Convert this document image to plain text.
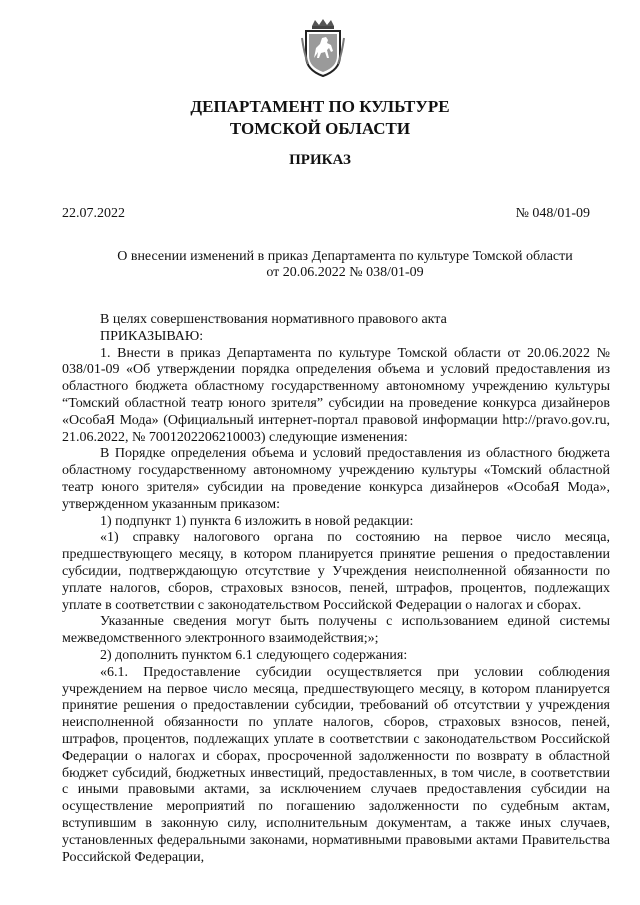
ДЕПАРТАМЕНТ ПО КУЛЬТУРЕ
ТОМСКОЙ ОБЛАСТИ
ПРИКАЗ
22.07.2022	№ 048/01-09
О внесении изменений в приказ Департамента по культуре Томской области
от 20.06.2022 № 038/01-09

В целях совершенствования нормативного правового акта

ПРИКАЗЫВАЮ:

1. Внести в приказ Департамента по культуре Томской области от 20.06.2022 № 038/01-09 «Об утверждении порядка определения объема и условий предоставления из областного бюджета областному государственному автономному учреждению культуры “Томский областной театр юного зрителя” субсидии на проведение конкурса дизайнеров «ОсобаЯ Мода» (Официальный интернет-портал правовой информации http://pravo.gov.ru, 21.06.2022, № 7001202206210003) следующие изменения:

В Порядке определения объема и условий предоставления из областного бюджета областному государственному автономному учреждению культуры «Томский областной театр юного зрителя» субсидии на проведение конкурса дизайнеров «ОсобаЯ Мода», утвержденном указанным приказом:

1) подпункт 1) пункта 6 изложить в новой редакции:

«1) справку налогового органа по состоянию на первое число месяца, предшествующего месяцу, в котором планируется принятие решения о предоставлении субсидии, подтверждающую отсутствие у Учреждения неисполненной обязанности по уплате налогов, сборов, страховых взносов, пеней, штрафов, процентов, подлежащих уплате в соответствии с законодательством Российской Федерации о налогах и сборах.

Указанные сведения могут быть получены с использованием единой системы межведомственного электронного взаимодействия;»;

2) дополнить пунктом 6.1 следующего содержания:

«6.1. Предоставление субсидии осуществляется при условии соблюдения учреждением на первое число месяца, предшествующего месяцу, в котором планируется принятие решения о предоставлении субсидии, требований об отсутствии у учреждения неисполненной обязанности по уплате налогов, сборов, страховых взносов, пеней, штрафов, процентов, подлежащих уплате в соответствии с законодательством Российской Федерации о налогах и сборах, просроченной задолженности по возврату в областной бюджет субсидий, бюджетных инвестиций, предоставленных, в том числе, в соответствии с иными правовыми актами, за исключением случаев предоставления субсидии на осуществление мероприятий по погашению задолженности по судебным актам, вступившим в законную силу, исполнительным документам, а также иных случаев, установленных федеральными законами, нормативными правовыми актами Правительства Российской Федерации,
